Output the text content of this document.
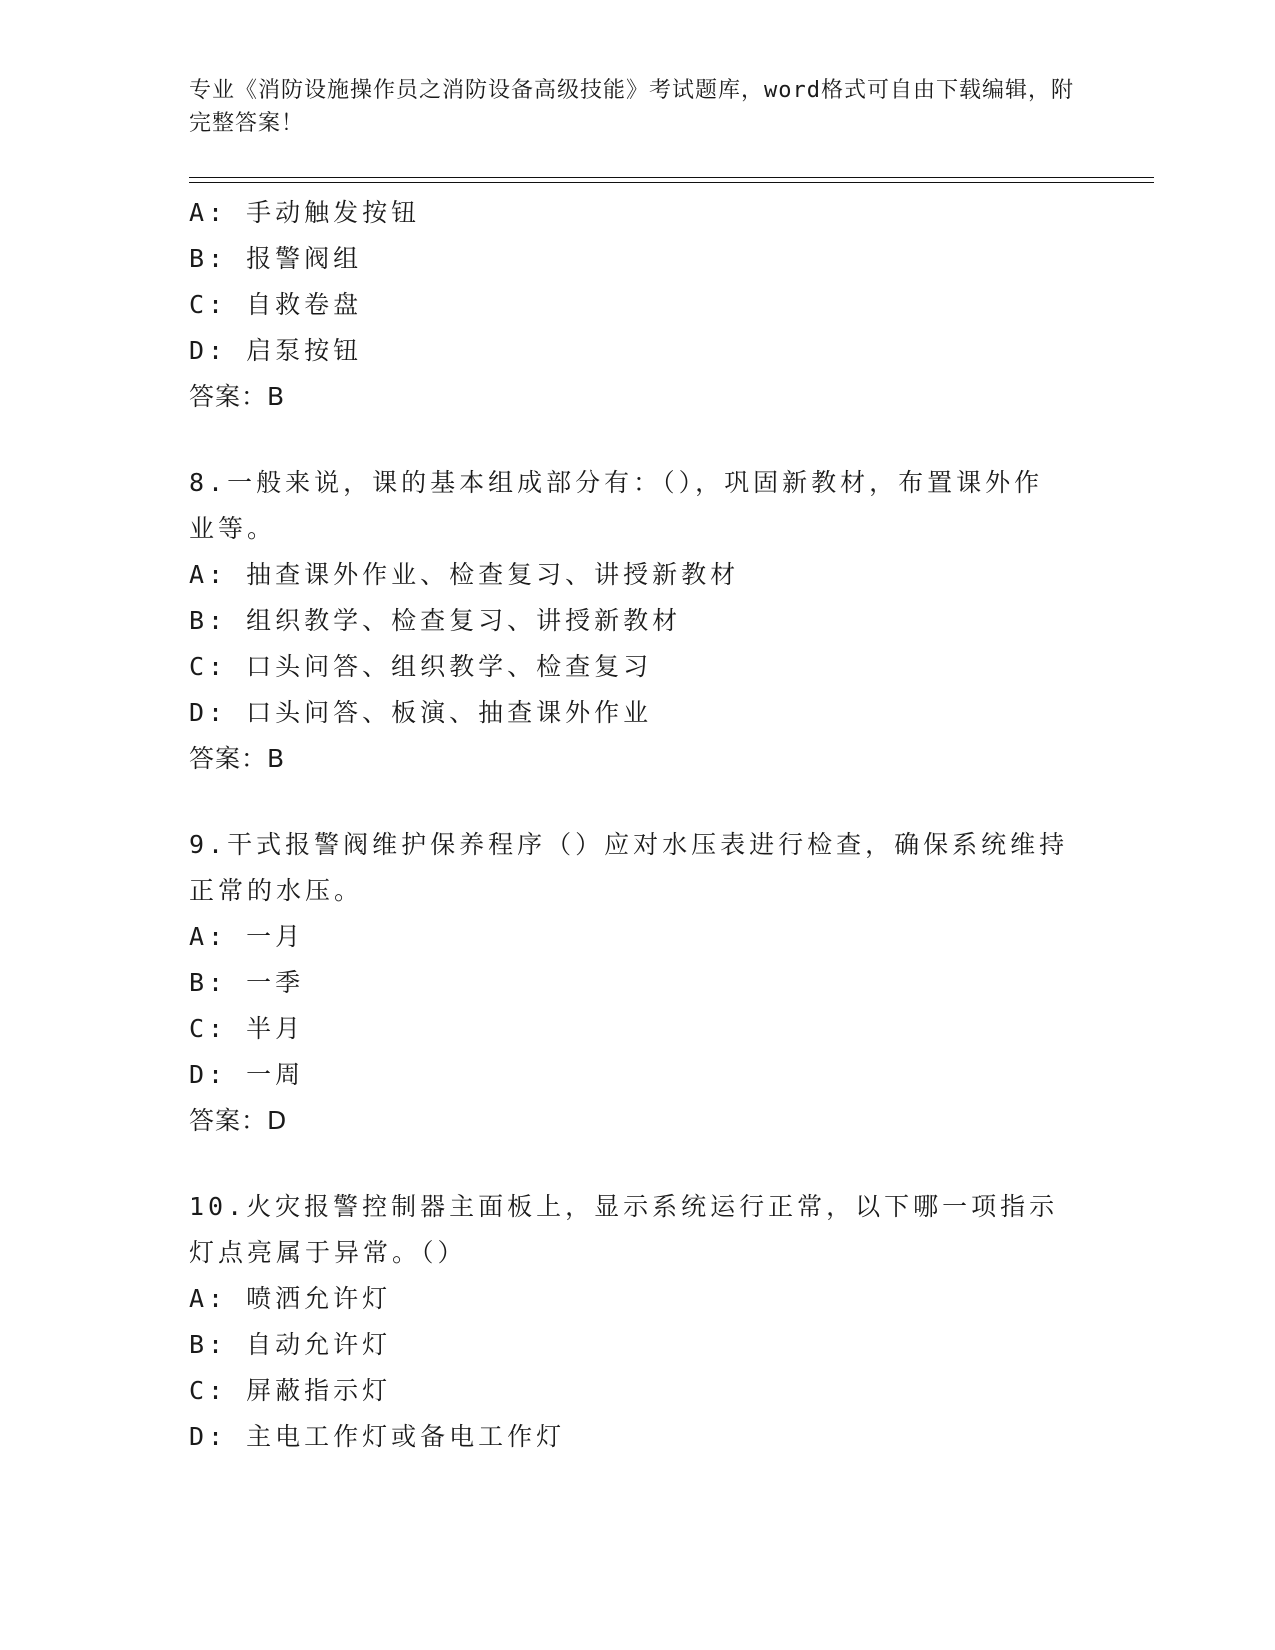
专业《消防设施操作员之消防设备高级技能》考试题库，word格式可自由下载编辑，附完整答案！
A: 手动触发按钮
B: 报警阀组
C: 自救卷盘
D: 启泵按钮
答案：B
8.一般来说，课的基本组成部分有：（），巩固新教材，布置课外作业等。
A: 抽查课外作业、检查复习、讲授新教材
B: 组织教学、检查复习、讲授新教材
C: 口头问答、组织教学、检查复习
D: 口头问答、板演、抽查课外作业
答案：B
9.干式报警阀维护保养程序（）应对水压表进行检查，确保系统维持正常的水压。
A: 一月
B: 一季
C: 半月
D: 一周
答案：D
10.火灾报警控制器主面板上，显示系统运行正常，以下哪一项指示灯点亮属于异常。（）
A: 喷洒允许灯
B: 自动允许灯
C: 屏蔽指示灯
D: 主电工作灯或备电工作灯
